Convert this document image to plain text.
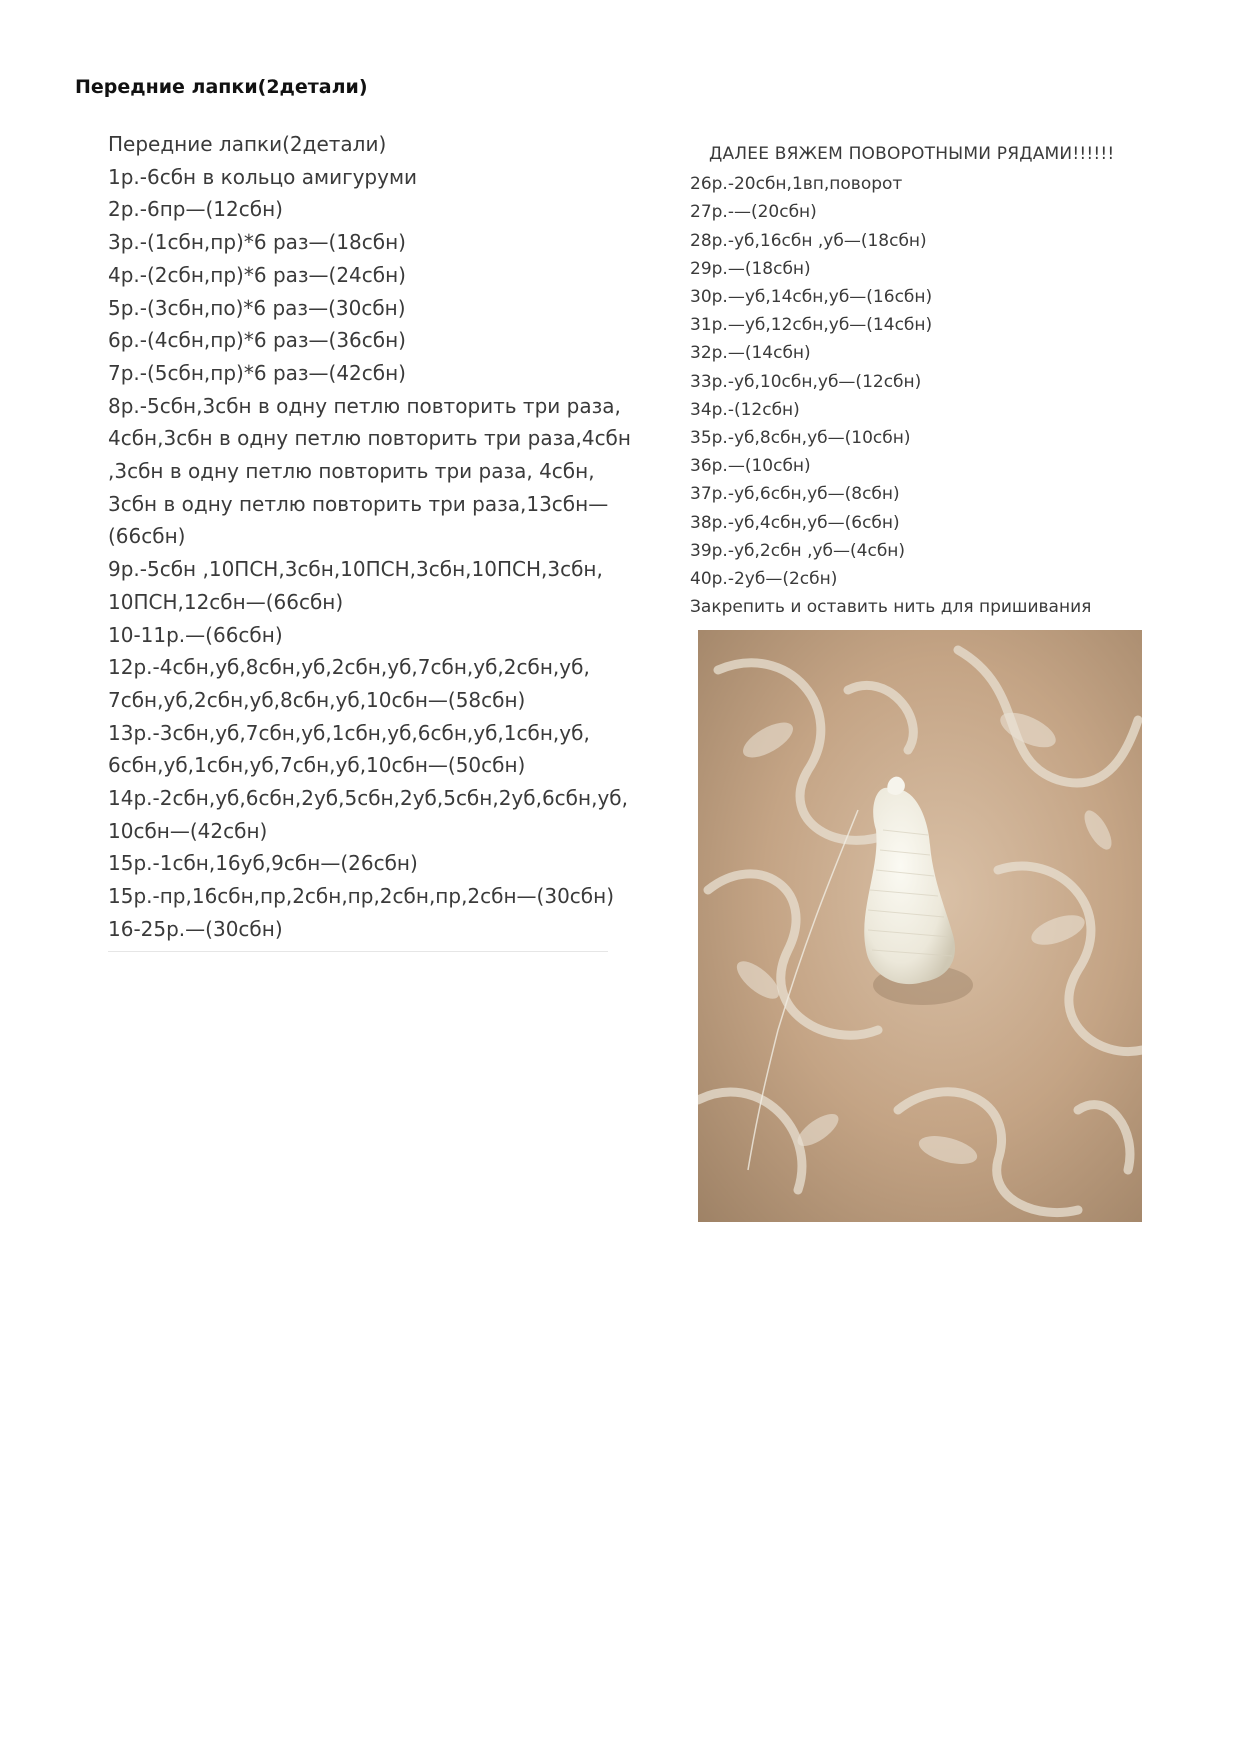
Передние лапки(2детали)
Передние лапки(2детали)
1р.-6сбн в кольцо амигуруми
2р.-6пр—(12сбн)
3р.-(1сбн,пр)*6 раз—(18сбн)
4р.-(2сбн,пр)*6 раз—(24сбн)
5р.-(3сбн,по)*6 раз—(30сбн)
6р.-(4сбн,пр)*6 раз—(36сбн)
7р.-(5сбн,пр)*6 раз—(42сбн)
8р.-5сбн,3сбн в одну петлю повторить три раза,
4сбн,3сбн в одну петлю повторить три раза,4сбн
,3сбн в одну петлю повторить три раза, 4сбн,
3сбн в одну петлю повторить три раза,13сбн—
(66сбн)
9р.-5сбн ,10ПСН,3сбн,10ПСН,3сбн,10ПСН,3сбн,
10ПСН,12сбн—(66сбн)
10-11р.—(66сбн)
12р.-4сбн,уб,8сбн,уб,2сбн,уб,7сбн,уб,2сбн,уб,
7сбн,уб,2сбн,уб,8сбн,уб,10сбн—(58сбн)
13р.-3сбн,уб,7сбн,уб,1сбн,уб,6сбн,уб,1сбн,уб,
6сбн,уб,1сбн,уб,7сбн,уб,10сбн—(50сбн)
14р.-2сбн,уб,6сбн,2уб,5сбн,2уб,5сбн,2уб,6сбн,уб,
10сбн—(42сбн)
15р.-1сбн,16уб,9сбн—(26сбн)
15р.-пр,16сбн,пр,2сбн,пр,2сбн,пр,2сбн—(30сбн)
16-25р.—(30сбн)
ДАЛЕЕ ВЯЖЕМ ПОВОРОТНЫМИ РЯДАМИ!!!!!!
26р.-20сбн,1вп,поворот
27р.-—(20сбн)
28р.-уб,16сбн ,уб—(18сбн)
29р.—(18сбн)
30р.—уб,14сбн,уб—(16сбн)
31р.—уб,12сбн,уб—(14сбн)
32р.—(14сбн)
33р.-уб,10сбн,уб—(12сбн)
34р.-(12сбн)
35р.-уб,8сбн,уб—(10сбн)
36р.—(10сбн)
37р.-уб,6сбн,уб—(8сбн)
38р.-уб,4сбн,уб—(6сбн)
39р.-уб,2сбн ,уб—(4сбн)
40р.-2уб—(2сбн)
Закрепить и оставить нить для пришивания
